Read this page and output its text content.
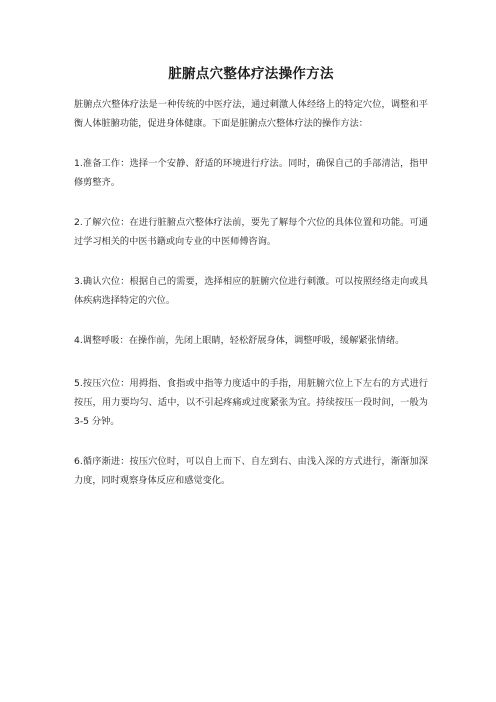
脏腑点穴整体疗法操作方法

脏腑点穴整体疗法是一种传统的中医疗法，通过刺激人体经络上的特定穴位，调整和平衡人体脏腑功能，促进身体健康。下面是脏腑点穴整体疗法的操作方法：

1.准备工作：选择一个安静、舒适的环境进行疗法。同时，确保自己的手部清洁，指甲修剪整齐。

2.了解穴位：在进行脏腑点穴整体疗法前，要先了解每个穴位的具体位置和功能。可通过学习相关的中医书籍或向专业的中医师傅咨询。

3.确认穴位：根据自己的需要，选择相应的脏腑穴位进行刺激。可以按照经络走向或具体疾病选择特定的穴位。

4.调整呼吸：在操作前，先闭上眼睛，轻松舒展身体，调整呼吸，缓解紧张情绪。

5.按压穴位：用拇指、食指或中指等力度适中的手指，用脏腑穴位上下左右的方式进行按压，用力要均匀、适中，以不引起疼痛或过度紧张为宜。持续按压一段时间，一般为 3-5 分钟。

6.循序渐进：按压穴位时，可以自上而下、自左到右、由浅入深的方式进行，渐渐加深力度，同时观察身体反应和感觉变化。
